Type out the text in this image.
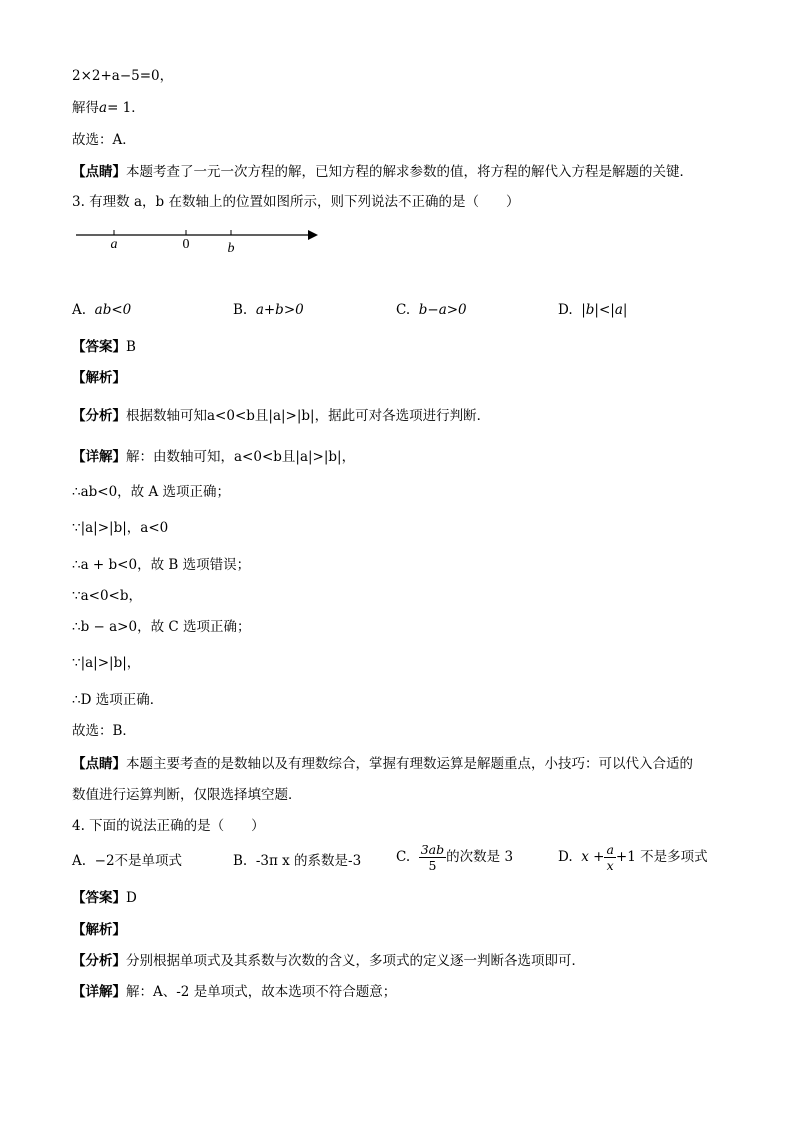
2×2+a−5=0，
解得a= 1．
故选：A．
【点睛】本题考查了一元一次方程的解，已知方程的解求参数的值，将方程的解代入方程是解题的关键．
3. 有理数 a，b 在数轴上的位置如图所示，则下列说法不正确的是（　　）
a	0	b
A. ab<0	B. a+b>0	C. b−a>0	D. |b|<|a|
【答案】B
【解析】
【分析】根据数轴可知a<0<b且|a|>|b|，据此可对各选项进行判断．
【详解】解：由数轴可知，a<0<b且|a|>|b|，
∴ab<0，故 A 选项正确；
∵|a|>|b|，a<0
∴a + b<0，故 B 选项错误；
∵a<0<b，
∴b − a>0，故 C 选项正确；
∵|a|>|b|，
∴D 选项正确．
故选：B．
【点睛】本题主要考查的是数轴以及有理数综合，掌握有理数运算是解题重点，小技巧：可以代入合适的
数值进行运算判断，仅限选择填空题．
4. 下面的说法正确的是（　　）
A. −2不是单项式	B. -3π x 的系数是-3	C. $\frac{3ab}{5}$ 的次数是 3	D. $x + \frac{a}{x} +1$ 不是多项式
【答案】D
【解析】
【分析】分别根据单项式及其系数与次数的含义，多项式的定义逐一判断各选项即可．
【详解】解：A、-2 是单项式，故本选项不符合题意；
